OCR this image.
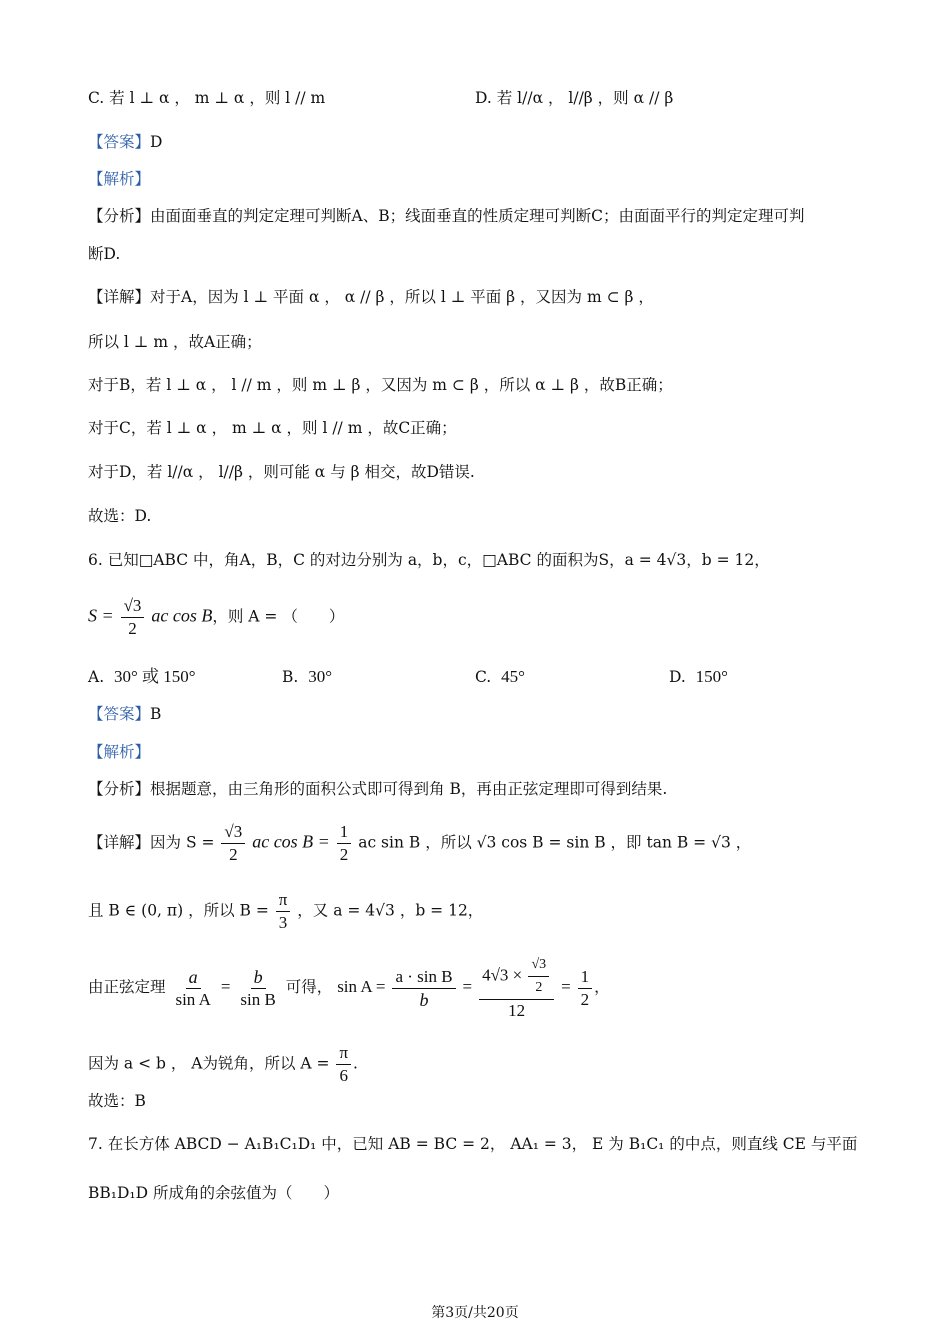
C. 若 l ⊥ α ， m ⊥ α ，则 l // m	D. 若 l//α ， l//β ，则 α // β
【答案】D
【解析】
【分析】由面面垂直的判定定理可判断A、B；线面垂直的性质定理可判断C；由面面平行的判定定理可判
断D.
【详解】对于A，因为 l ⊥ 平面 α ， α // β ，所以 l ⊥ 平面 β ，又因为 m ⊂ β ，
所以 l ⊥ m ，故A正确；
对于B，若 l ⊥ α ， l // m ，则 m ⊥ β ，又因为 m ⊂ β ，所以 α ⊥ β ，故B正确；
对于C，若 l ⊥ α ， m ⊥ α ，则 l // m ，故C正确；
对于D，若 l//α ， l//β ，则可能 α 与 β 相交，故D错误.
故选：D.
6. 已知□ABC 中，角A，B，C 的对边分别为 a，b，c，□ABC 的面积为S，a = 4√3，b = 12，
$S = \frac{√3}{2}$ ac cos B，则 A = （　　）
A. 30° 或 150°	B. 30°	C. 45°	D. 150°
【答案】B
【解析】
【分析】根据题意，由三角形的面积公式即可得到角 B，再由正弦定理即可得到结果.
【详解】因为 $S = \frac{√3}{2}$ ac $\cos B = \frac{1}{2}$ ac sin B ，所以 √3 cos B = sin B ，即 tan B = √3 ，
且 B ∈ (0, π) ，所以 $B = \frac{\pi}{3}$ ，又 a = 4√3 ，b = 12，
由正弦定理 $\frac{a}{\text{sin A}} = \frac{b}{\text{sin B}}$ 可得， $\sin A = \frac{\text{a · sin B}}{b} = \frac{4√3 \times \frac{√3}{2}}{12} = \frac{1}{2}$ ，
因为 a < b ， A为锐角，所以 $A = \frac{\pi}{6}$ .
故选：B
7. 在长方体 ABCD − A₁B₁C₁D₁ 中，已知 AB = BC = 2， AA₁ = 3， E 为 B₁C₁ 的中点，则直线 CE 与平面
BB₁D₁D 所成角的余弦值为（　　）
第3页/共20页
